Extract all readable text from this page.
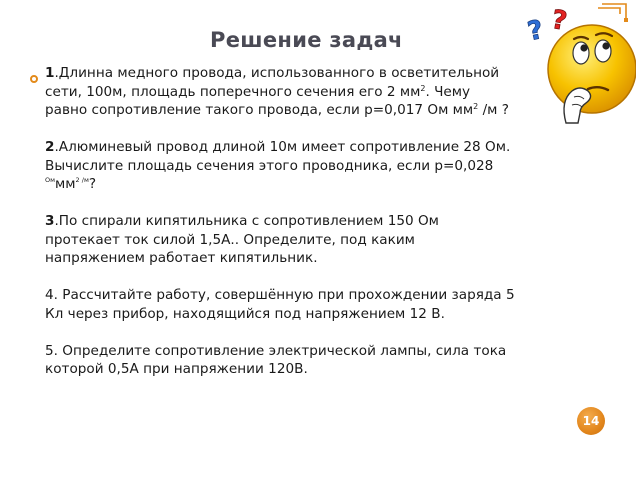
Решение задач

1.Длинна медного провода, использованного в осветительной сети, 100м, площадь поперечного сечения его 2 $мм^2$. Чему равно сопротивление такого провода, если р=0,017 Ом $мм^2$ /м ?

2.Алюминевый провод длиной 10м имеет сопротивление 28 Ом. Вычислите площадь сечения этого проводника, если р=0,028 $^{Ом}мм^{2 /м}$?

3.По спирали кипятильника с сопротивлением 150 Ом протекает ток силой 1,5А.. Определите, под каким напряжением работает кипятильник.

4. Рассчитайте работу, совершённую при прохождении заряда 5 Кл через прибор, находящийся под напряжением 12 В.

5. Определите сопротивление электрической лампы, сила тока которой 0,5А при напряжении 120В.

? ?
14
